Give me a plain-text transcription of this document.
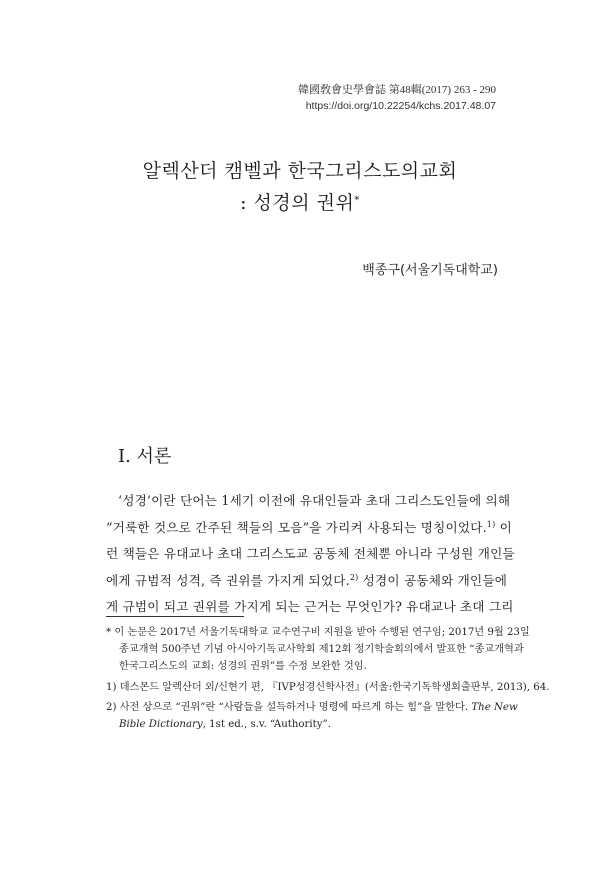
韓國敎會史學會誌 第48輯(2017) 263 - 290
https://doi.org/10.22254/kchs.2017.48.07
알렉산더 캠벨과 한국그리스도의교회
: 성경의 권위*
백종구(서울기독대학교)
I. 서론
‘성경’이란 단어는 1세기 이전에 유대인들과 초대 그리스도인들에 의해
“거룩한 것으로 간주된 책들의 모음”을 가리켜 사용되는 명칭이었다.$^{1)}$ 이
런 책들은 유대교나 초대 그리스도교 공동체 전체뿐 아니라 구성원 개인들
에게 규범적 성격, 즉 권위를 가지게 되었다.$^{2)}$ 성경이 공동체와 개인들에
게 규범이 되고 권위를 가지게 되는 근거는 무엇인가? 유대교나 초대 그리
* 이 논문은 2017년 서울기독대학교 교수연구비 지원을 받아 수행된 연구임; 2017년 9월 23일
종교개혁 500주년 기념 아시아기독교사학회 제12회 정기학술회의에서 발표한 “종교개혁과
한국그리스도의 교회: 성경의 권위”를 수정 보완한 것임.
1) 데스몬드 알렉산더 외/신현기 편, 『IVP성경신학사전』(서울:한국기독학생회출판부, 2013), 64.
2) 사전 상으로 “권위”란 “사람들을 설득하거나 명령에 따르게 하는 힘”을 말한다. The New
Bible Dictionary, 1st ed., s.v. “Authority”.
